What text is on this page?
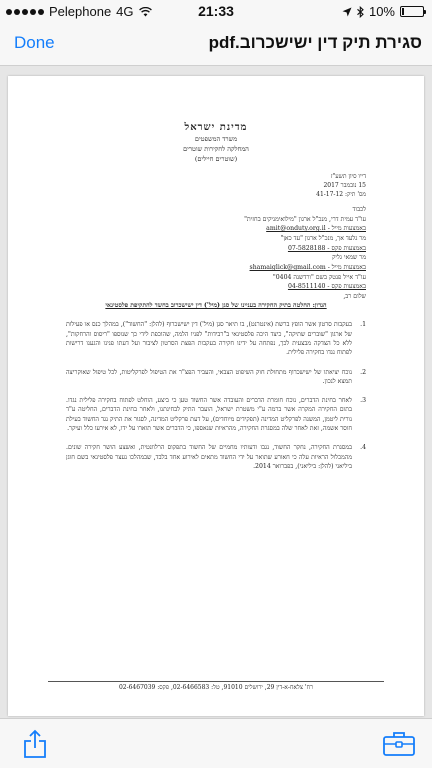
Pelephone 4G	21:33	10%
Done	סגירת תיק דין ישישכרוב.pdf

מדינת ישראל

משרד המשפטים

המחלקה לחקירות שוטרים

(שוטרים חיילים)

דייו סיון תשע"ז

15 נובמבר 2017

מס' תיק: 41-17-12

לכבוד

עו"ד עמית דרי, מנכ"ל ארגון "מילואימניקים בחזית"

באמצעות מייל - amit@onduty.org.il

מר גלעד אך, מנכ"ל ארגון "עד כאן"

באמצעות פקס - 07-5828188

מר שמאי גליק

באמצעות מייל - shamaiglick@gmail.com

עו"ד אייל פנטק בשם "ורדשנה 0404"

באמצעות פקס - 04-8511140

שלום רב,

הנדון: החלטה בתיק החקירה בעניינו של סגן (מיל') דין ישישכרוב בחשד להתקיפת פלסטינאי

1.
בעקבות סרטון אשר הופץ ברשת (אינטרנט), בו תיאר סגן (מיל') דין ישישכרוף (להלן: "החשוד"), במהלך כנס או פעילות של ארגון "שוברים שתיקה", כיצד היכה פלסטינאי ב"רבידות" לפניו הלמה, שהוכפת לידי כך שנוספו "ריסוס והרחקות", ללא כל הצדקה מבצעית לכך, נפתחה על ידינו חקירה בעקבות הפצת הסרטון לציבור ועל דעתו פנינו והגענו דרישות לפתוח נגדו בחקירה פלילית.
2.
נוכח יציאתו של ישישכרוף מתחולת חוק השיפוט הצבאי, והעביר הפצ"ר את הטיפול לפרקליטות, לכל טיפול שאוקריצה תמצא לנכון.
3.
לאחר בחינת הדברים, נוכח חומרת הדברים והעובדה אשר החשוד טען כי ביצע, הוחלט לפתוח בחקירה פלילית נגדו. בתום החקירה המקרה אשר ברמה ע"י משטרת ישראל, הועבר התיק לבחינתנו, ולאחר בחינת הדברים, החליטה ע"ד נורית ליטמן, המשנה לפרקליט המדינה (תפקידים מיוחדים), על דעת פרקליט המדינה, לסגור את התיק נגד החשוד בעילת חוסר אשמה, זאת לאחר שלה במסגרת החקירה, מהראיות שנאספו, כי הדברים אשר תוארו על ידו, לא אירעו כלל ועיקר.
4.
במסגרת החקירה, נחקר החשוד, נגבו ודעותיו מחמיים של החשוד בתפקוס הרלוונטית, ואשצע הושר חקירה שונים. מהמכלול הראיות עלה כי חאורע שתואר על ידי החשוד מתאים לאירוע אחד בלבד, שבמהלכו נעצר פלסטינאי בשם חוגן ביליאני (להלן: ביליאני), בפברואר 2014.
רח' צלאח-א-דין 29, ירושלים 91010, טל: 02-6466583, פקס: 02-6467039
